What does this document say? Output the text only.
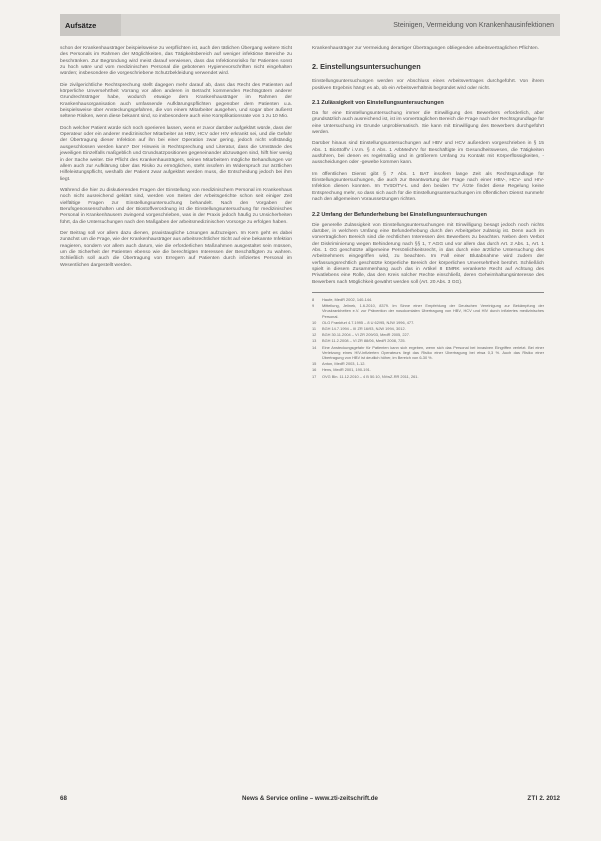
Aufsätze	Steinigen, Vermeidung von Krankenhausinfektionen

schon der Krankenhausträger beispielsweise zu verpflichten ist, auch den tätlichen Übergang weitere Sicht des Personals im Rahmen der Möglichkeiten, das Tätigkeitsbereich auf weniger infektiöse Bereiche zu beschränken. Zur Begründung wird meist darauf verwiesen, dass das Infektionsrisiko für Patienten sonst zu hoch wäre und vom medizinischen Personal die gebotenen Hygienevorschriften nicht eingehalten würden; insbesondere die vorgeschriebene Schutzbekleidung verwendet wird.

Die zivilgerichtliche Rechtsprechung stellt dagegen mehr darauf ab, dass das Recht des Patienten auf körperliche Unversehrtheit Vorrang vor allen anderen in Betracht kommenden Rechtsgütern anderer Grundrechtsträger habe, wodurch etwaige dem Krankenhausträger im Rahmen der Krankenhausorganisation auch umfassende Aufklärungspflichten gegenüber dem Patienten u.a. beispielsweise über Ansteckungsgefahren, die von einem Mitarbeiter ausgehen, und sogar über äußerst seltene Risiken, wenn diese bekannt sind, so insbesondere auch eine Komplikationsrate von 1 zu 10 Mio.

Doch welcher Patient würde sich noch operieren lassen, wenn er zuvor darüber aufgeklärt würde, dass der Operateur oder ein anderer medizinischer Mitarbeiter an HBV, HCV oder HIV erkrankt sei, und die Gefahr der Übertragung dieser Infektion auf ihn bei einer Operation zwar gering, jedoch nicht vollständig ausgeschlossen werden kann? Der Hinweis in Rechtsprechung und Literatur, dass die Umstände des jeweiligen Einzelfalls maßgeblich und Grundsatzpositionen gegeneinander abzuwägen sind, hilft hier wenig in der Sache weiter. Die Pflicht des Krankenhausträgers, seinen Mitarbeitern mögliche Behandlungen vor allem auch zur Aufklärung über das Risiko zu ermöglichen, steht insofern im Widerspruch zur ärztlichen Hilfeleistungspflicht, weshalb der Patient zwar aufgeklärt werden muss, die Entscheidung jedoch bei ihm liegt.

Während die hier zu diskutierenden Fragen der Einstellung von medizinischem Personal im Krankenhaus noch nicht ausreichend geklärt sind, werden von Seiten der Arbeitsgerichte schon seit einiger Zeit vielfältige Fragen zur Einstellungsuntersuchung behandelt. Nach den Vorgaben der Berufsgenossenschaften und der Biostoffverordnung ist die Einstellungsuntersuchung für medizinisches Personal in Krankenhäusern zwingend vorgeschrieben, was in der Praxis jedoch häufig zu Unsicherheiten führt, da die Untersuchungen nach den Maßgaben der arbeitsmedizinischen Vorsorge zu erfolgen haben.

Der Beitrag soll vor allem dazu dienen, praxistaugliche Lösungen aufzuzeigen. Im Kern geht es dabei zunächst um die Frage, wie der Krankenhausträger aus arbeitsrechtlicher Sicht auf eine bekannte Infektion reagieren, sondern vor allem auch darum, wie die erforderlichen Maßnahmen ausgestaltet sein müssen, um die Sicherheit der Patienten ebenso wie die berechtigten Interessen der Beschäftigten zu wahren. Schließlich soll auch die Übertragung von Erregern auf Patienten durch infiziertes Personal im Wesentlichen dargestellt werden.

Krankenhausträger zur Vermeidung derartiger Übertragungen obliegenden arbeitsvertraglichen Pflichten.

2. Einstellungsuntersuchungen

Einstellungsuntersuchungen werden vor Abschluss eines Arbeitsvertrages durchgeführt. Von ihrem positiven Ergebnis hängt es ab, ob ein Arbeitsverhältnis begründet wird oder nicht.

2.1 Zulässigkeit von Einstellungsuntersuchungen

Da für eine Einstellungsuntersuchung immer die Einwilligung des Bewerbers erforderlich, aber grundsätzlich auch ausreichend ist, ist im vorvertraglichen Bereich die Frage nach der Rechtsgrundlage für eine Untersuchung im Grunde unproblematisch. Sie kann mit Einwilligung des Bewerbers durchgeführt werden.

Darüber hinaus sind Einstellungsuntersuchungen auf HBV und HCV außerdem vorgeschrieben in § 15 Abs. 1 BioStoffV i.V.m. § 4 Abs. 1 ArbMedVV für Beschäftigte im Gesundheitswesen, die Tätigkeiten ausführen, bei denen es regelmäßig und in größerem Umfang zu Kontakt mit Körperflüssigkeiten, -ausscheidungen oder -gewebe kommen kann.

Im öffentlichen Dienst gibt § 7 Abs. 1 BAT insofern lange Zeit als Rechtsgrundlage für Einstellungsuntersuchungen, die auch zur Beantwortung der Frage nach einer HBV-, HCV- und HIV-Infektion dienen konnten. Im TVöD/TV-L und den beiden TV Ärzte findet diese Regelung keine Entsprechung mehr, so dass sich auch für die Einstellungsuntersuchungen im öffentlichen Dienst nunmehr nach den allgemeinen Voraussetzungen richten.

2.2 Umfang der Befunderhebung bei Einstellungsuntersuchungen

Die generelle Zulässigkeit von Einstellungsuntersuchungen mit Einwilligung besagt jedoch noch nichts darüber, in welchem Umfang eine Befunderhebung durch den Arbeitgeber zulässig ist. Denn auch im vorvertraglichen Bereich sind die rechtlichen Interessen des Bewerbers zu beachten. Neben dem Verbot der Diskriminierung wegen Behinderung nach §§ 1, 7 AGG und vor allem das durch Art. 2 Abs. 1, Art. 1 Abs. 1 GG geschützte allgemeine Persönlichkeitsrecht, in das durch eine ärztliche Untersuchung des Arbeitnehmers eingegriffen wird, zu beachten. Im Fall einer Blutabnahme wird zudem der verfassungsrechtlich geschützte körperliche Bereich der körperlichen Unversehrtheit berührt. Schließlich spielt in diesem Zusammenhang auch das in Artikel 8 EMRK verankerte Recht auf Achtung des Privatlebens eine Rolle, das den Kreis solcher Rechte einschließt, deren Geheimhaltungsinteresse des Bewerbers nach Möglichkeit gewährt werden soll (Art. 20 Abs. 3 GG).

8	Haufe, MedR 2002, 140-144.
9	Mitteilung, Jelinek, 1.6.2010, 8379. Im Sinne einer Empfehlung der Deutschen Vereinigung zur Bekämpfung der Viruskrankheiten e.V. zur Prävention der nosokomialen Übertragung von HBV, HCV und HIV durch infiziertes medizinisches Personal.
10	OLG Frankfurt 4.7.1995 – 8 U 62/95, NJW 1996, 477.
11	BGH 14.7.1994 – III ZR 16/93, NJW 1994, 3012.
12	BGH 30.11.2004 – VI ZR 209/03, MedR 2005, 227.
13	BGH 11.2.2008 – VI ZR 88/06, MedR 2008, 725.
14	Eine Ansteckungsgefahr für Patienten kann sich ergeben, wenn sich das Personal bei invasiven Eingriffen verletzt. Bei einer Verletzung eines HIV-infizierten Operateurs liegt das Risiko einer Übertragung bei etwa 0,3 %. Auch das Risiko einer Übertragung von HBV ist deutlich höher, im Bereich von 6-30 %.
15	Anton, MedR 2003, 1-12.
16	Hens, MedR 2001, 190-191.
17	OVG Bln. 11.12.2010 – 4 B 50.10, NVwZ-RR 2011, 261.
68	News & Service online – www.zti-zeitschrift.de	ZTI 2. 2012
